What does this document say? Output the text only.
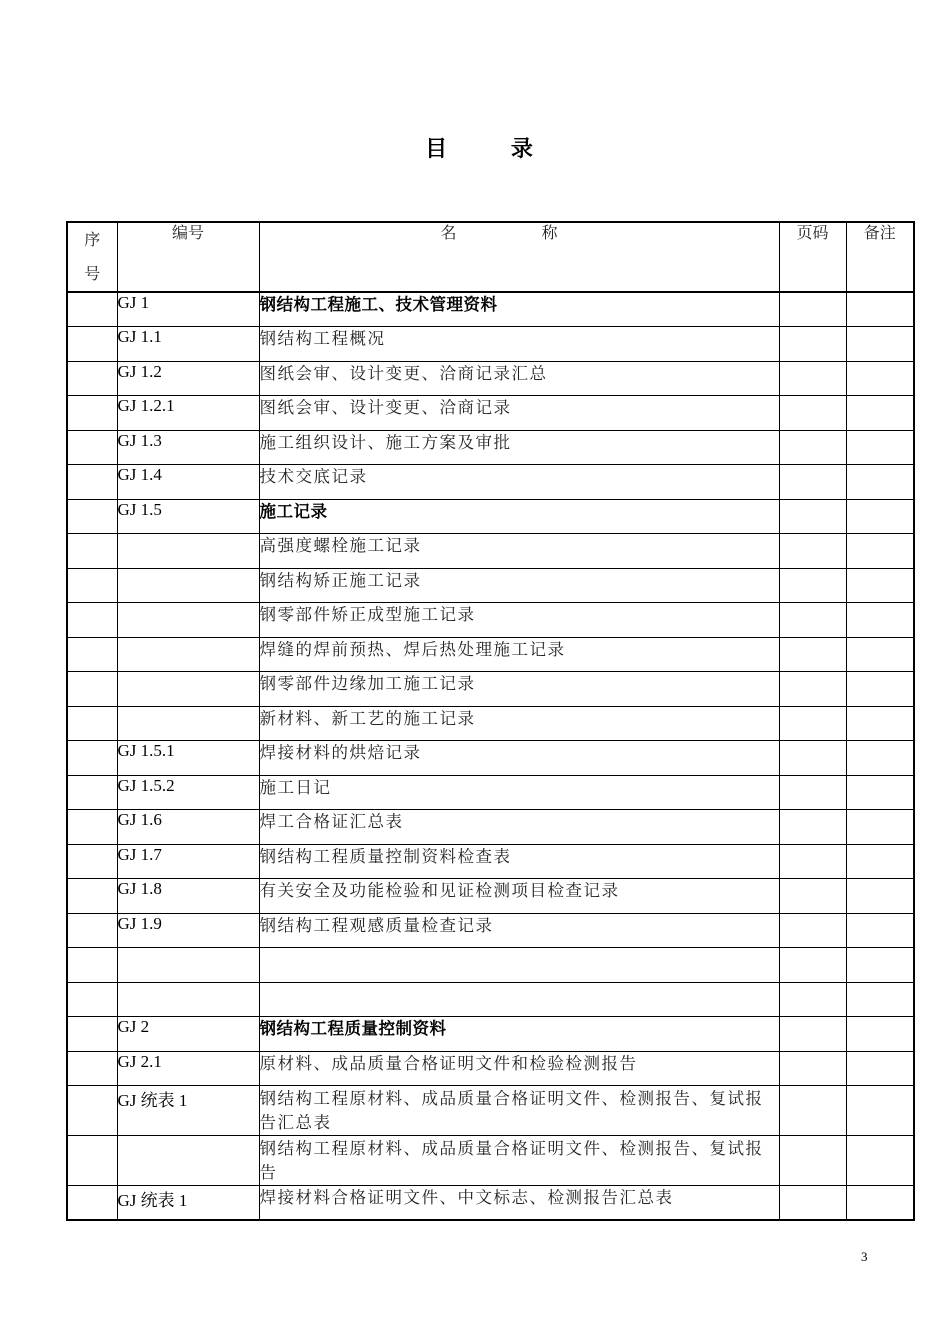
目 录
序号	编号	名 称	页码	备注
	GJ 1	钢结构工程施工、技术管理资料		
	GJ 1.1	钢结构工程概况		
	GJ 1.2	图纸会审、设计变更、洽商记录汇总		
	GJ 1.2.1	图纸会审、设计变更、洽商记录		
	GJ 1.3	施工组织设计、施工方案及审批		
	GJ 1.4	技术交底记录		
	GJ 1.5	施工记录		
		高强度螺栓施工记录		
		钢结构矫正施工记录		
		钢零部件矫正成型施工记录		
		焊缝的焊前预热、焊后热处理施工记录		
		钢零部件边缘加工施工记录		
		新材料、新工艺的施工记录		
	GJ 1.5.1	焊接材料的烘焙记录		
	GJ 1.5.2	施工日记		
	GJ 1.6	焊工合格证汇总表		
	GJ 1.7	钢结构工程质量控制资料检查表		
	GJ 1.8	有关安全及功能检验和见证检测项目检查记录		
	GJ 1.9	钢结构工程观感质量检查记录		

	GJ 2	钢结构工程质量控制资料		
	GJ 2.1	原材料、成品质量合格证明文件和检验检测报告		
	GJ 统表 1	钢结构工程原材料、成品质量合格证明文件、检测报告、复试报告汇总表		
		钢结构工程原材料、成品质量合格证明文件、检测报告、复试报告		
	GJ 统表 1	焊接材料合格证明文件、中文标志、检测报告汇总表		
3
